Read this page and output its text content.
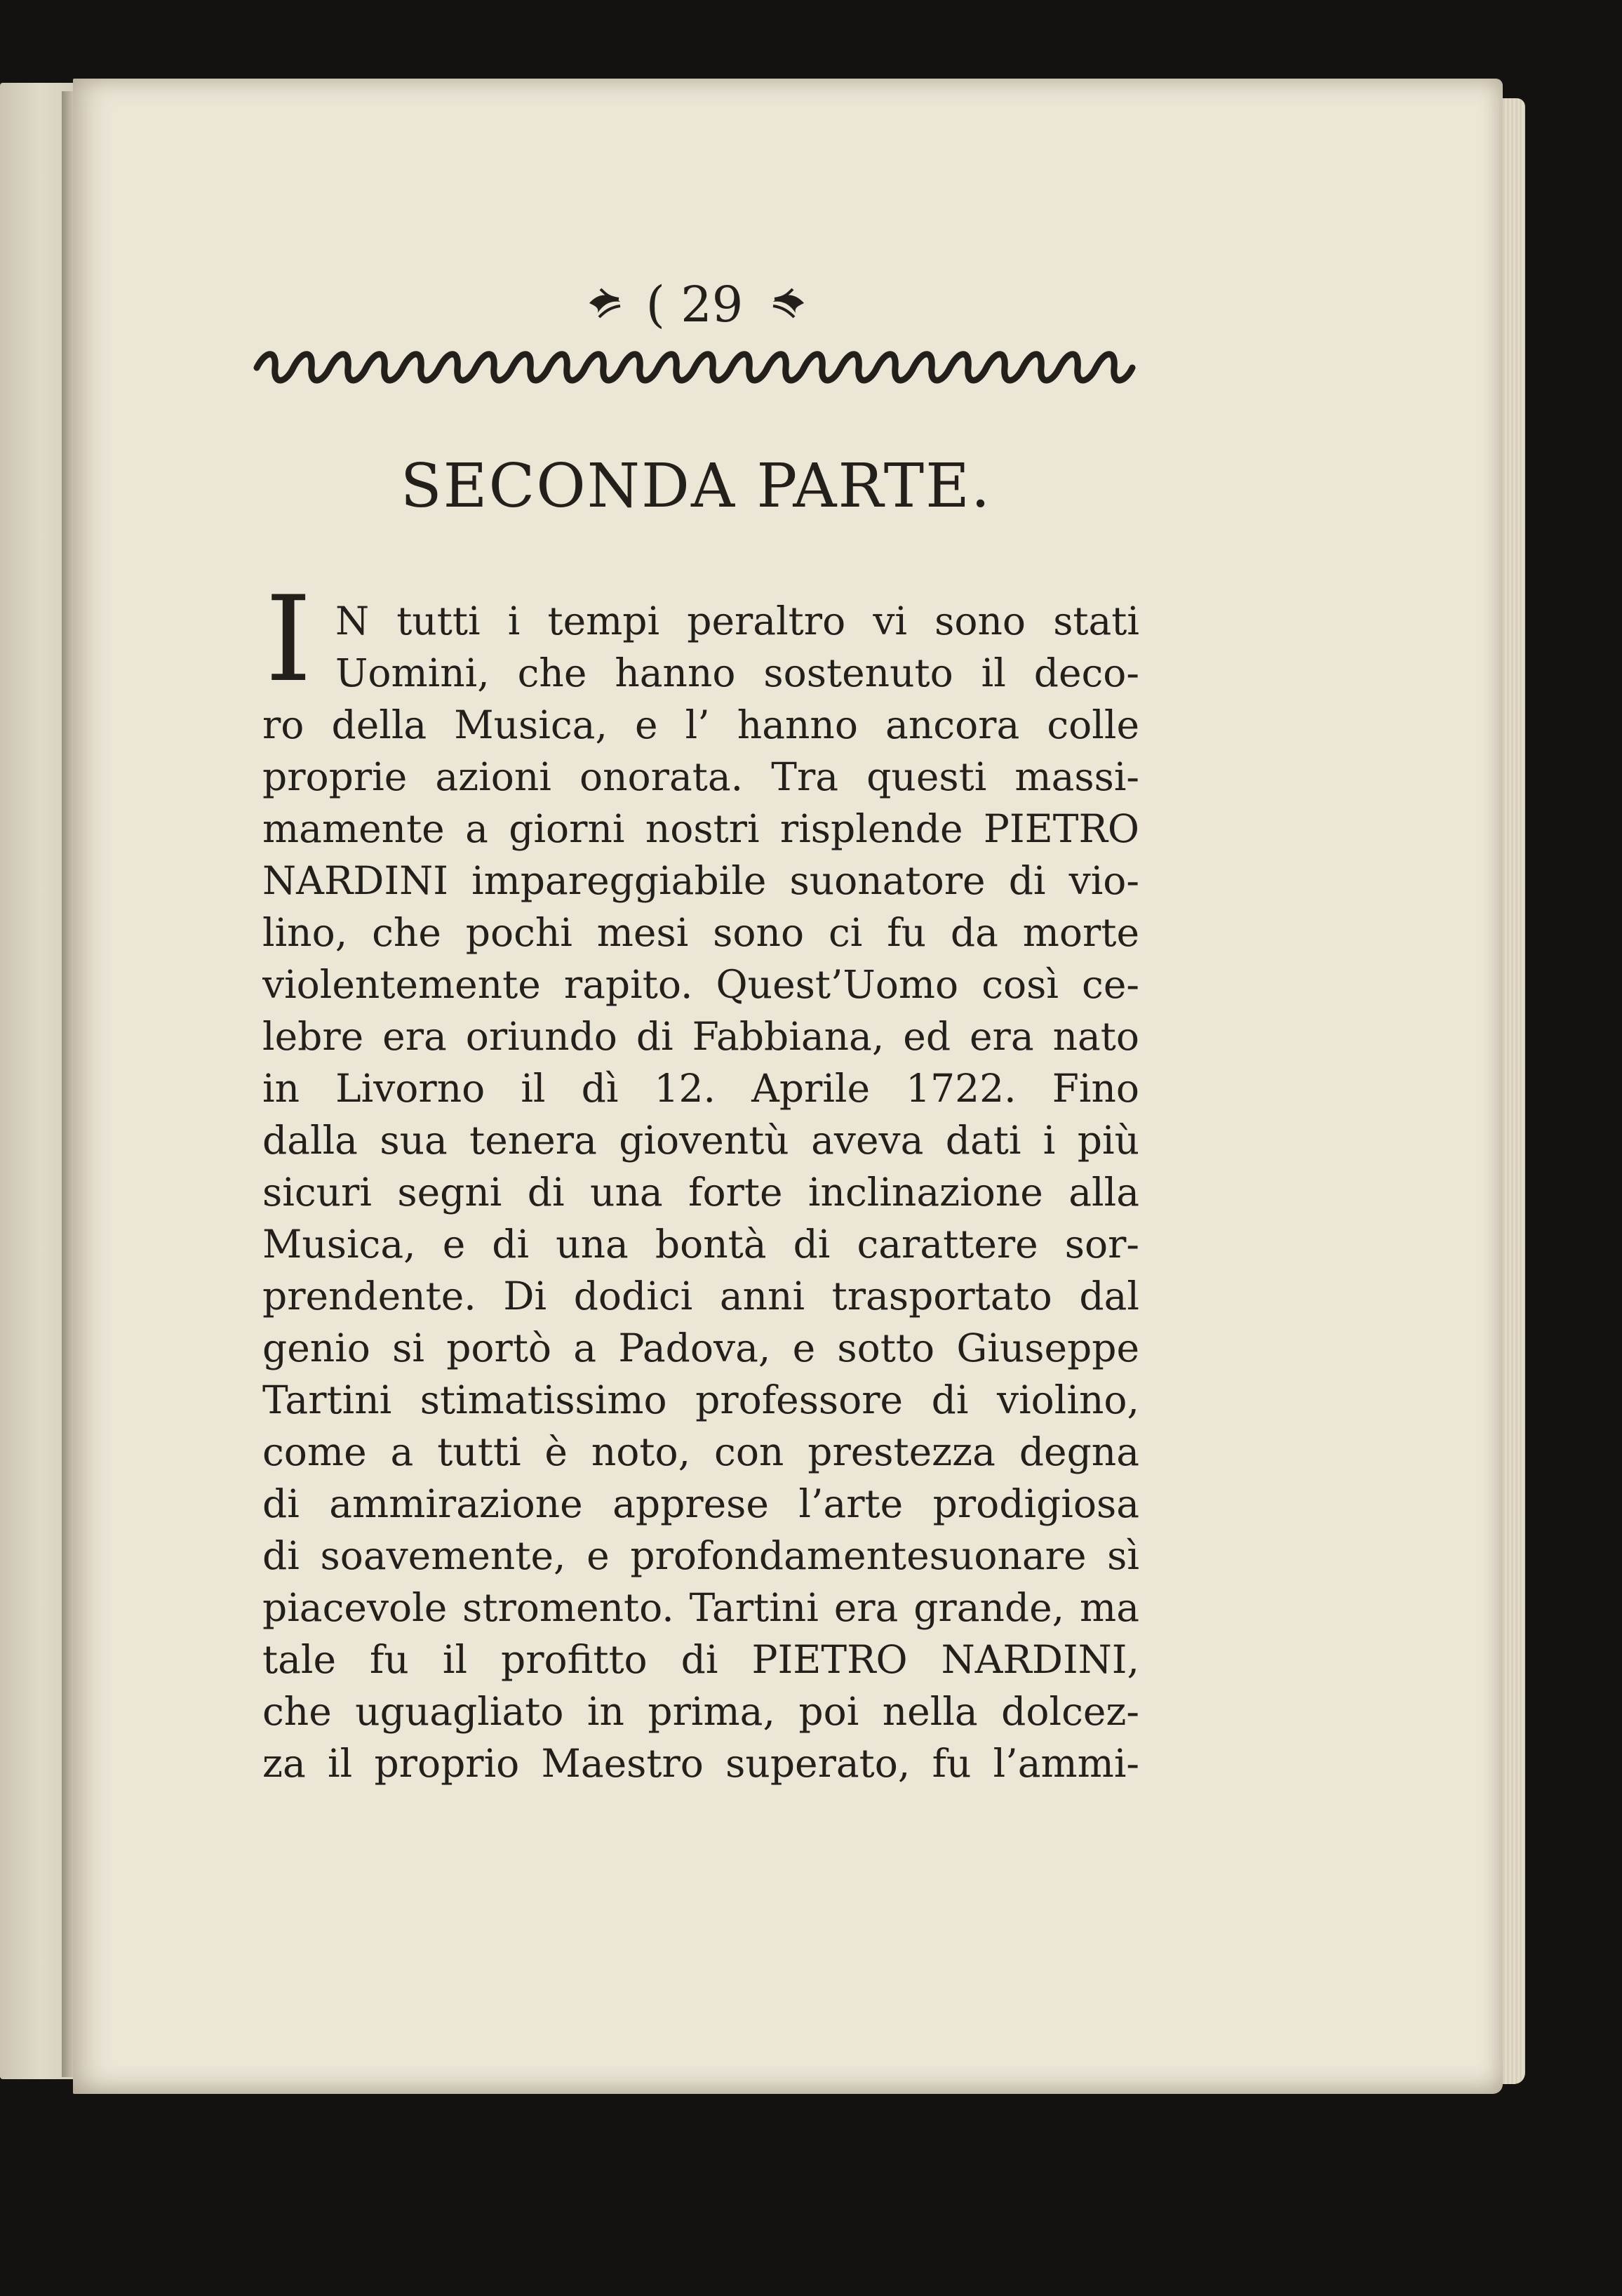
( 29
SECONDA PARTE.
I N tutti i tempi peraltro vi sono stati
Uomini, che hanno sostenuto il deco-
ro della Musica, e l’ hanno ancora colle
proprie azioni onorata. Tra questi massi-
mamente a giorni nostri risplende PIETRO
NARDINI impareggiabile suonatore di vio-
lino, che pochi mesi sono ci fu da morte
violentemente rapito. Quest’Uomo così ce-
lebre era oriundo di Fabbiana, ed era nato
in Livorno il dì 12. Aprile 1722. Fino
dalla sua tenera gioventù aveva dati i più
sicuri segni di una forte inclinazione alla
Musica, e di una bontà di carattere sor-
prendente. Di dodici anni trasportato dal
genio si portò a Padova, e sotto Giuseppe
Tartini stimatissimo professore di violino,
come a tutti è noto, con prestezza degna
di ammirazione apprese l’arte prodigiosa
di soavemente, e profondamentesuonare sì
piacevole stromento. Tartini era grande, ma
tale fu il profitto di PIETRO NARDINI,
che uguagliato in prima, poi nella dolcez-
za il proprio Maestro superato, fu l’ammi-
